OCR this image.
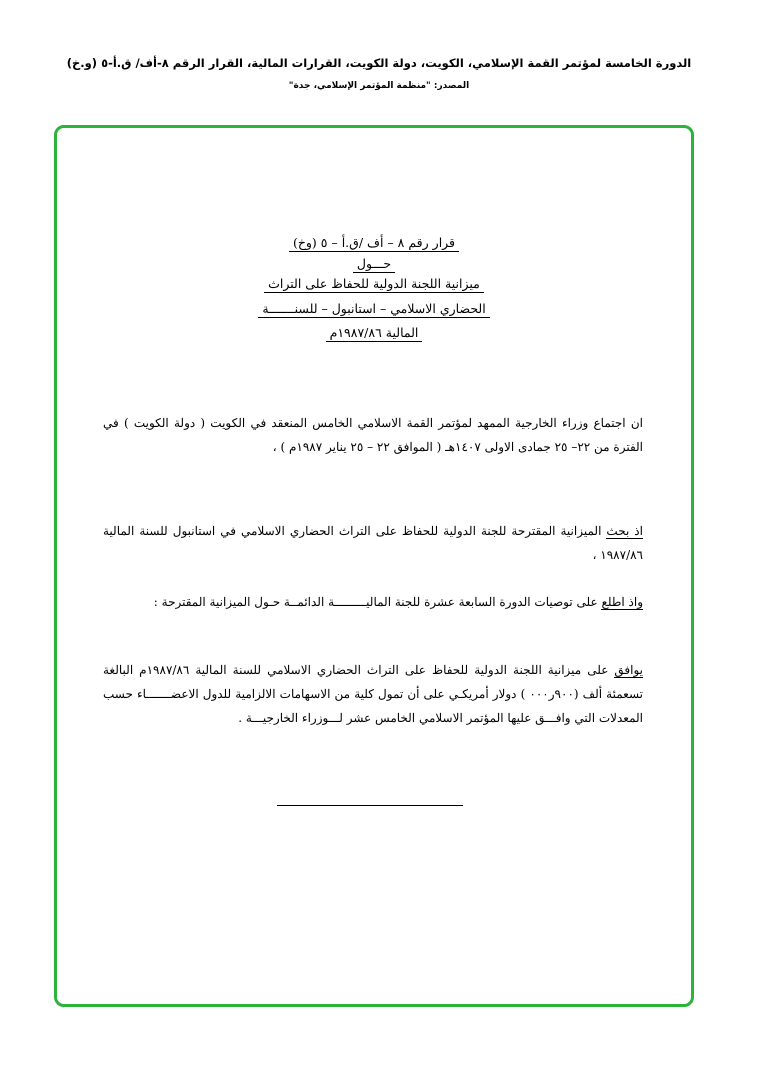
الدورة الخامسة لمؤتمر القمة الإسلامي، الكويت، دولة الكويت، القرارات المالية، القرار الرقم ٨-أف/ ق.أ-٥ (و.خ)
المصدر: "منظمة المؤتمر الإسلامي، جدة"
قرار رقم ٨ – أف /ق.أ – ٥ (وخ)
حـــول
ميزانية اللجنة الدولية للحفاظ على التراث
الحضاري الاسلامي – استانبول – للسنـــــــة
المالية ١٩٨٧/٨٦م
ان اجتماع وزراء الخارجية الممهد لمؤتمر القمة الاسلامي الخامس المنعقد في الكويت ( دولة الكويت ) في الفترة من ٢٢– ٢٥ جمادى الاولى ١٤٠٧هـ ( الموافق ٢٢ – ٢٥ يناير ١٩٨٧م ) ،
اذ بحث الميزانية المقترحة للجنة الدولية للحفاظ على التراث الحضاري الاسلامي في استانبول للسنة المالية ١٩٨٧/٨٦ ،
واذ اطلع على توصيات الدورة السابعة عشرة للجنة الماليـــــــــة الدائمــة حـول الميزانية المقترحة :
يوافق على ميزانية اللجنة الدولية للحفاظ على التراث الحضاري الاسلامي للسنة المالية ١٩٨٧/٨٦م البالغة تسعمئة ألف (٩٠٠ر٠٠٠ ) دولار أمريكـي على أن تمول كلية من الاسهامات الالزامية للدول الاعضـــــــاء حسب المعدلات التي وافـــق عليها المؤتمر الاسلامي الخامس عشر لـــوزراء الخارجيـــة .
